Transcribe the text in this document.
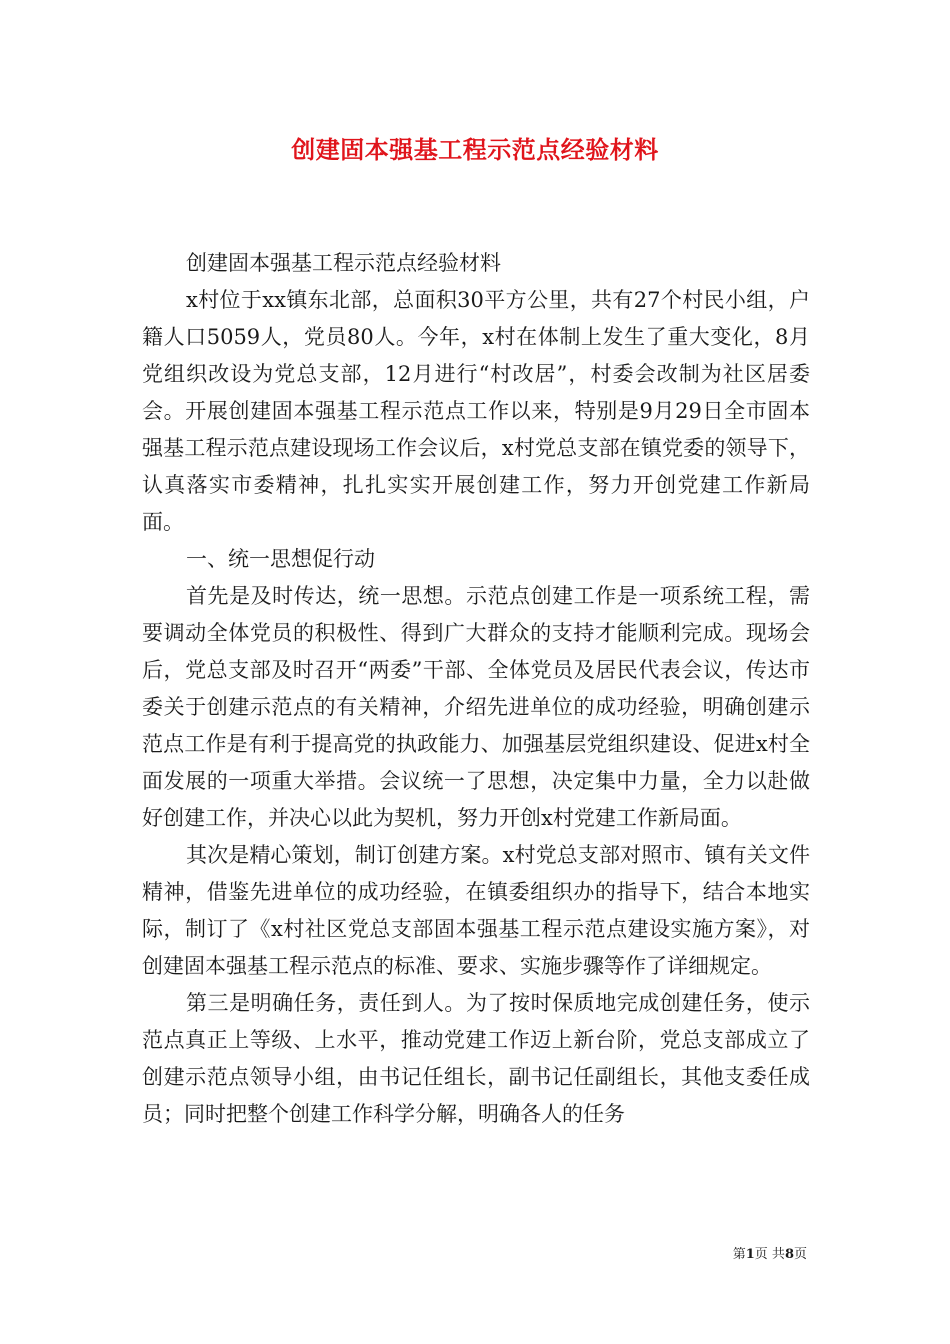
创建固本强基工程示范点经验材料

创建固本强基工程示范点经验材料

x村位于xx镇东北部，总面积30平方公里，共有27个村民小组，户籍人口5059人，党员80人。今年，x村在体制上发生了重大变化，8月党组织改设为党总支部，12月进行“村改居”，村委会改制为社区居委会。开展创建固本强基工程示范点工作以来，特别是9月29日全市固本强基工程示范点建设现场工作会议后，x村党总支部在镇党委的领导下，认真落实市委精神，扎扎实实开展创建工作，努力开创党建工作新局面。

一、统一思想促行动

首先是及时传达，统一思想。示范点创建工作是一项系统工程，需要调动全体党员的积极性、得到广大群众的支持才能顺利完成。现场会后，党总支部及时召开“两委”干部、全体党员及居民代表会议，传达市委关于创建示范点的有关精神，介绍先进单位的成功经验，明确创建示范点工作是有利于提高党的执政能力、加强基层党组织建设、促进x村全面发展的一项重大举措。会议统一了思想，决定集中力量，全力以赴做好创建工作，并决心以此为契机，努力开创x村党建工作新局面。

其次是精心策划，制订创建方案。x村党总支部对照市、镇有关文件精神，借鉴先进单位的成功经验，在镇委组织办的指导下，结合本地实际，制订了《x村社区党总支部固本强基工程示范点建设实施方案》，对创建固本强基工程示范点的标准、要求、实施步骤等作了详细规定。

第三是明确任务，责任到人。为了按时保质地完成创建任务，使示范点真正上等级、上水平，推动党建工作迈上新台阶，党总支部成立了创建示范点领导小组，由书记任组长，副书记任副组长，其他支委任成员；同时把整个创建工作科学分解，明确各人的任务

第1页 共8页
